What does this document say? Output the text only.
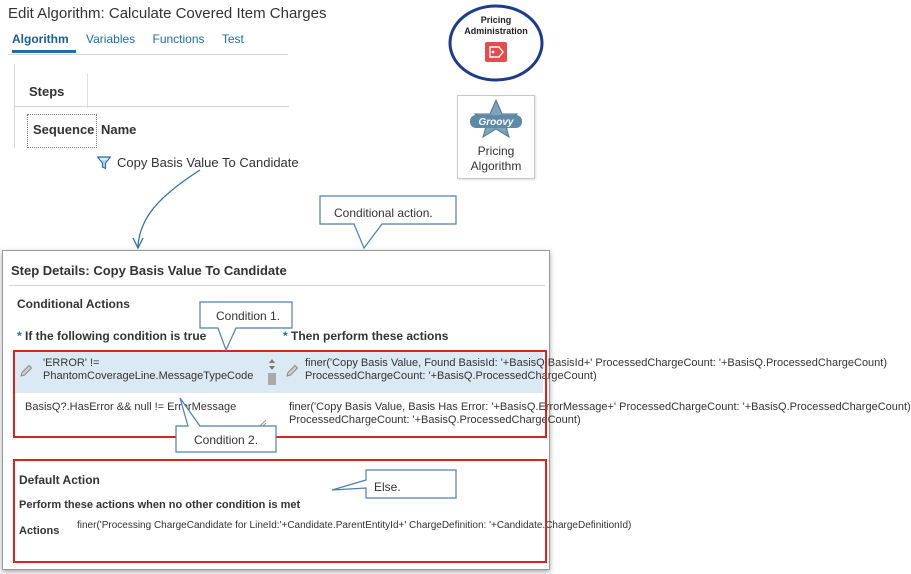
Edit Algorithm: Calculate Covered Item Charges
Algorithm Variables Functions Test
Steps
Sequence Name
Copy Basis Value To Candidate
Pricing
Administration
Groovy
Pricing
Algorithm
Conditional action.
Step Details: Copy Basis Value To Candidate
Conditional Actions
* If the following condition is true	* Then perform these actions
'ERROR' !=
PhantomCoverageLine.MessageTypeCode
finer('Copy Basis Value, Found BasisId: '+BasisQ.BasisId+' ProcessedChargeCount: '+BasisQ.ProcessedChargeCount)
ProcessedChargeCount: '+BasisQ.ProcessedChargeCount)
BasisQ?.HasError && null != ErrorMessage	finer('Copy Basis Value, Basis Has Error: '+BasisQ.ErrorMessage+' ProcessedChargeCount: '+BasisQ.ProcessedChargeCount)
ProcessedChargeCount: '+BasisQ.ProcessedChargeCount)
Default Action
Perform these actions when no other condition is met
Actions finer('Processing ChargeCandidate for LineId:'+Candidate.ParentEntityId+' ChargeDefinition: '+Candidate.ChargeDefinitionId)
Condition 1.
Condition 2.
Else.
